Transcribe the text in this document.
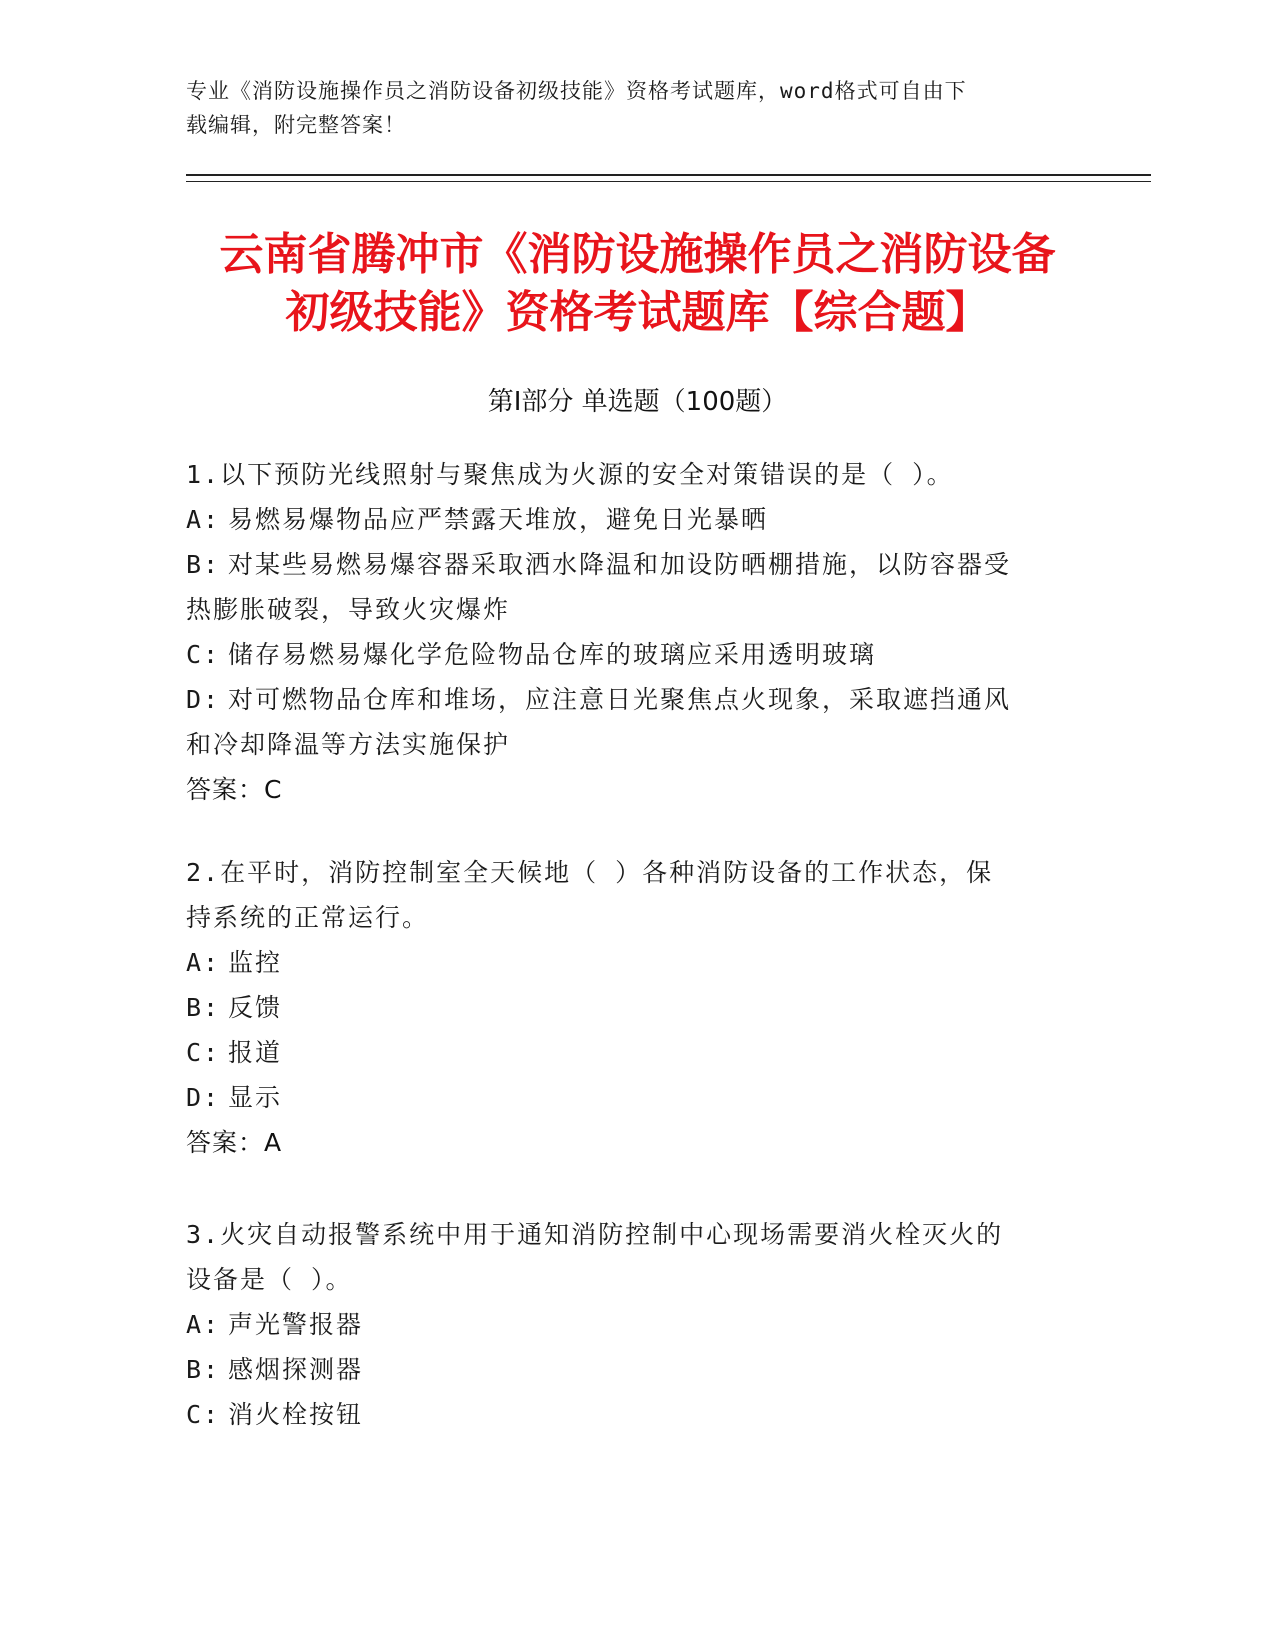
专业《消防设施操作员之消防设备初级技能》资格考试题库，word格式可自由下
载编辑，附完整答案！
云南省腾冲市《消防设施操作员之消防设备
初级技能》资格考试题库【综合题】
第Ⅰ部分 单选题（100题）
1.以下预防光线照射与聚焦成为火源的安全对策错误的是（ ）。
A: 易燃易爆物品应严禁露天堆放，避免日光暴晒
B: 对某些易燃易爆容器采取洒水降温和加设防晒棚措施，以防容器受
热膨胀破裂，导致火灾爆炸
C: 储存易燃易爆化学危险物品仓库的玻璃应采用透明玻璃
D: 对可燃物品仓库和堆场，应注意日光聚焦点火现象，采取遮挡通风
和冷却降温等方法实施保护
答案：C
2.在平时，消防控制室全天候地（ ）各种消防设备的工作状态，保
持系统的正常运行。
A: 监控
B: 反馈
C: 报道
D: 显示
答案：A
3.火灾自动报警系统中用于通知消防控制中心现场需要消火栓灭火的
设备是（ ）。
A: 声光警报器
B: 感烟探测器
C: 消火栓按钮
